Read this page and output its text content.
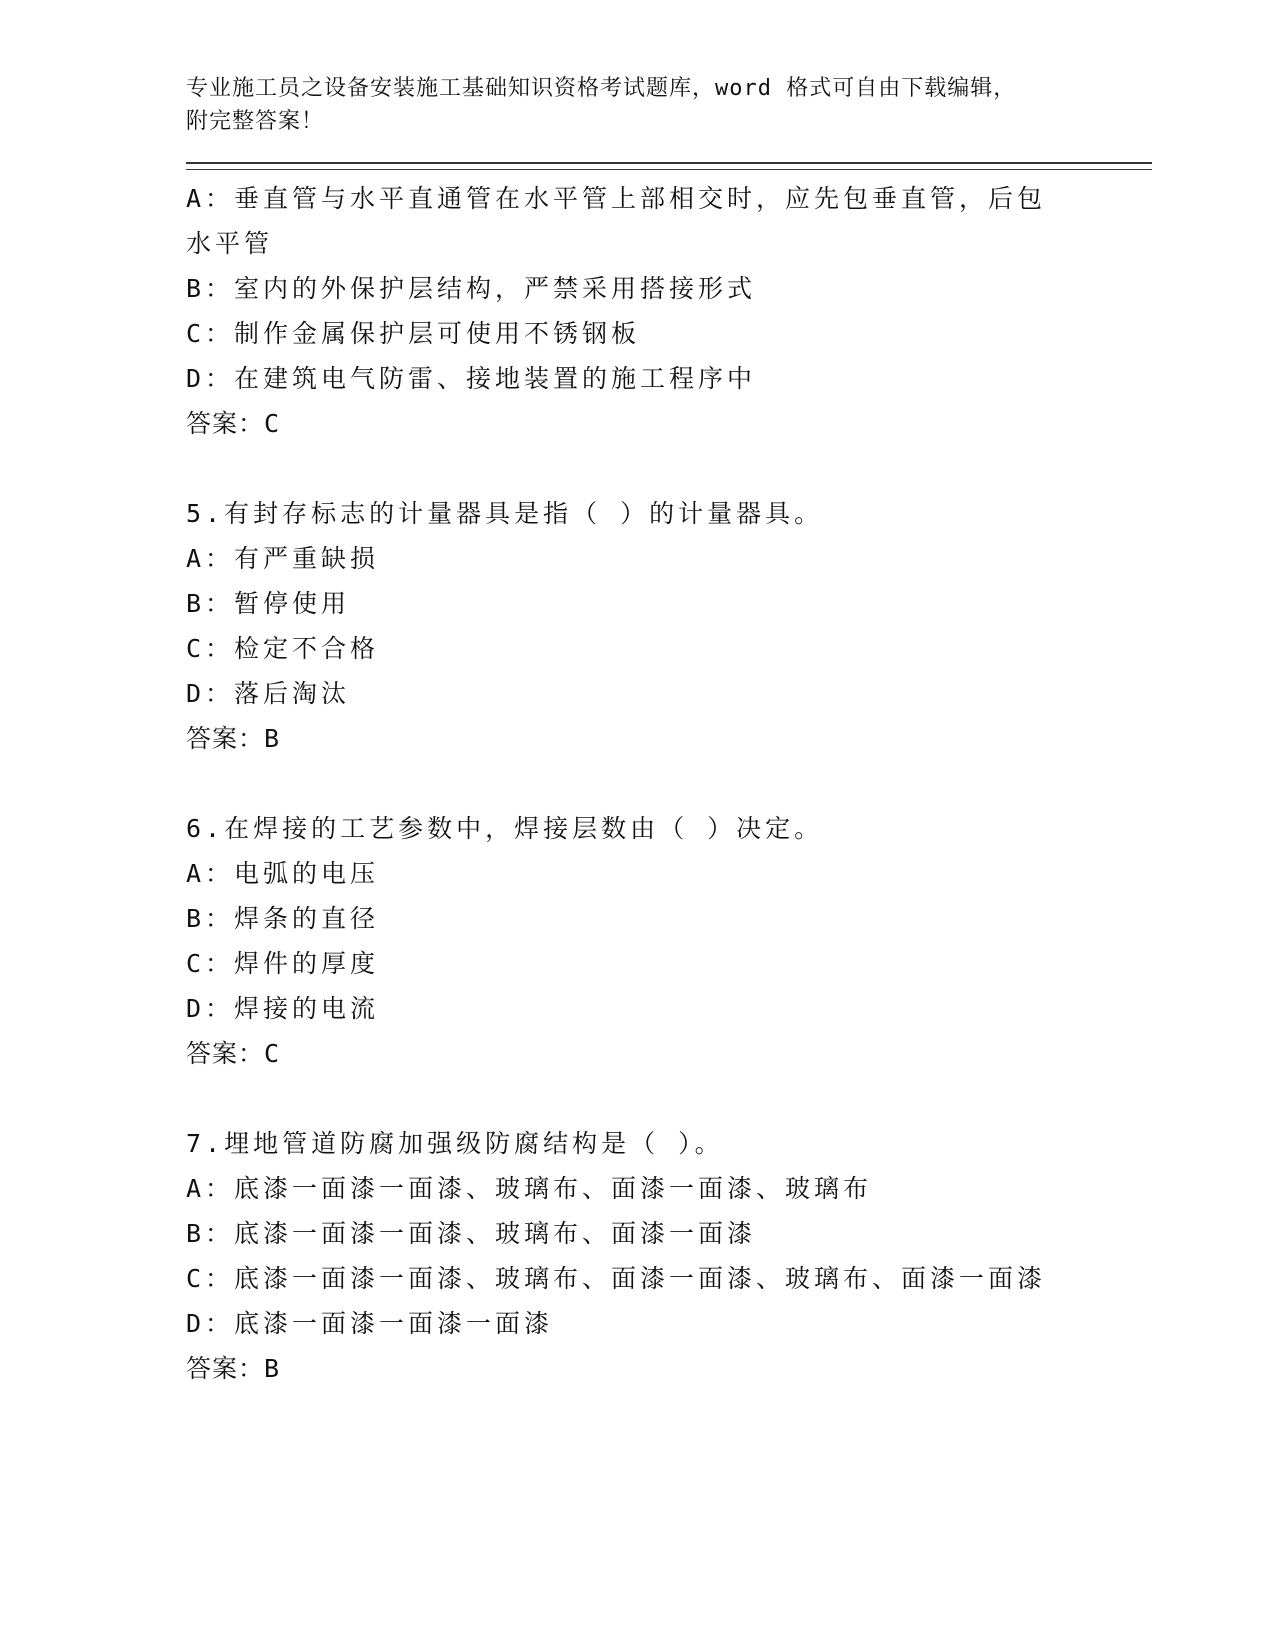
专业施工员之设备安装施工基础知识资格考试题库，word 格式可自由下载编辑，
附完整答案！
A：垂直管与水平直通管在水平管上部相交时，应先包垂直管，后包水平管
B：室内的外保护层结构，严禁采用搭接形式
C：制作金属保护层可使用不锈钢板
D：在建筑电气防雷、接地装置的施工程序中
答案：C
5.有封存标志的计量器具是指（ ）的计量器具。
A：有严重缺损
B：暂停使用
C：检定不合格
D：落后淘汰
答案：B
6.在焊接的工艺参数中，焊接层数由（ ）决定。
A：电弧的电压
B：焊条的直径
C：焊件的厚度
D：焊接的电流
答案：C
7.埋地管道防腐加强级防腐结构是（ ）。
A：底漆一面漆一面漆、玻璃布、面漆一面漆、玻璃布
B：底漆一面漆一面漆、玻璃布、面漆一面漆
C：底漆一面漆一面漆、玻璃布、面漆一面漆、玻璃布、面漆一面漆
D：底漆一面漆一面漆一面漆
答案：B
